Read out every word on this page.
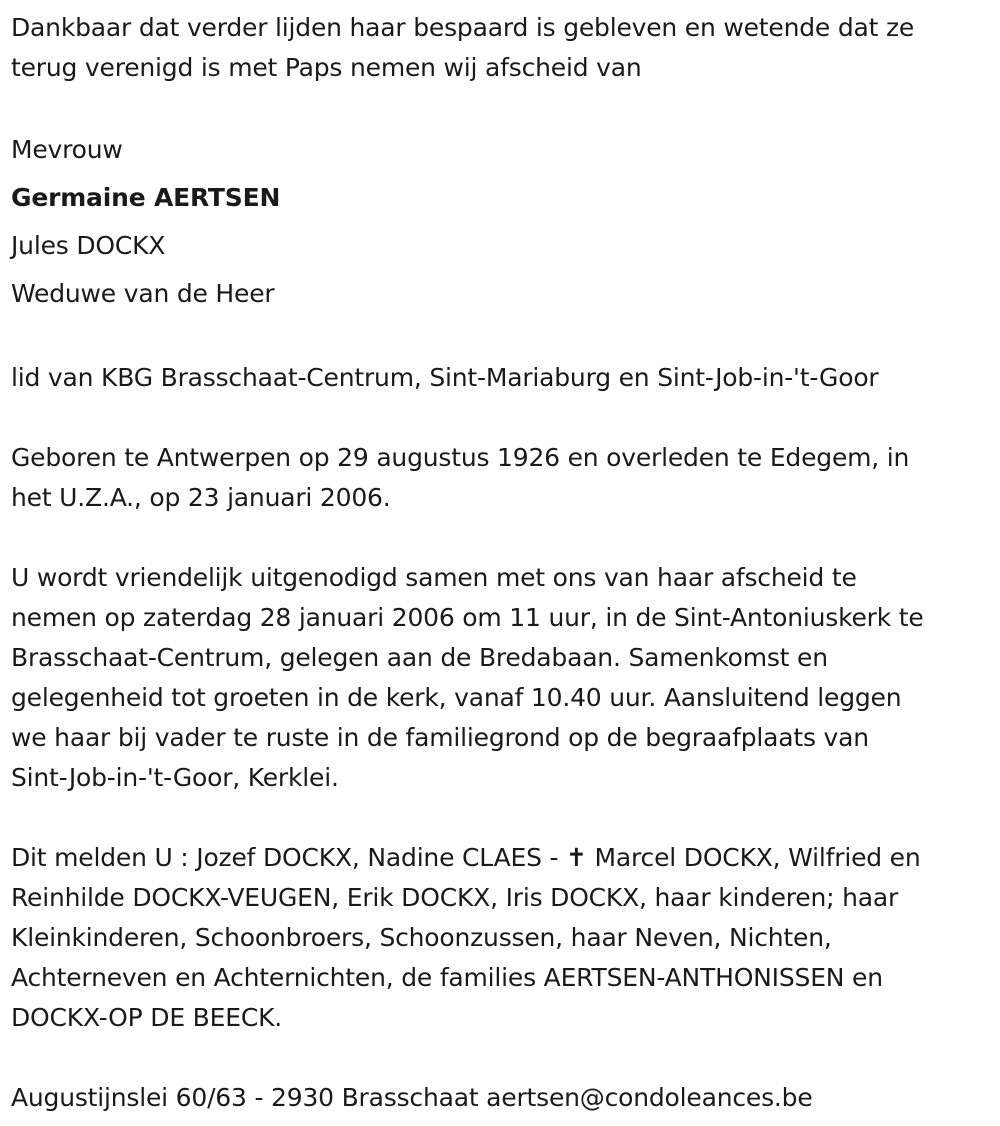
Dankbaar dat verder lijden haar bespaard is gebleven en wetende dat ze
terug verenigd is met Paps nemen wij afscheid van

Mevrouw
Germaine AERTSEN
Jules DOCKX
Weduwe van de Heer

lid van KBG Brasschaat-Centrum, Sint-Mariaburg en Sint-Job-in-'t-Goor

Geboren te Antwerpen op 29 augustus 1926 en overleden te Edegem, in
het U.Z.A., op 23 januari 2006.

U wordt vriendelijk uitgenodigd samen met ons van haar afscheid te
nemen op zaterdag 28 januari 2006 om 11 uur, in de Sint-Antoniuskerk te
Brasschaat-Centrum, gelegen aan de Bredabaan. Samenkomst en
gelegenheid tot groeten in de kerk, vanaf 10.40 uur. Aansluitend leggen
we haar bij vader te ruste in de familiegrond op de begraafplaats van
Sint-Job-in-'t-Goor, Kerklei.

Dit melden U : Jozef DOCKX, Nadine CLAES - ✝ Marcel DOCKX, Wilfried en
Reinhilde DOCKX-VEUGEN, Erik DOCKX, Iris DOCKX, haar kinderen; haar
Kleinkinderen, Schoonbroers, Schoonzussen, haar Neven, Nichten,
Achterneven en Achternichten, de families AERTSEN-ANTHONISSEN en
DOCKX-OP DE BEECK.

Augustijnslei 60/63 - 2930 Brasschaat aertsen@condoleances.be
